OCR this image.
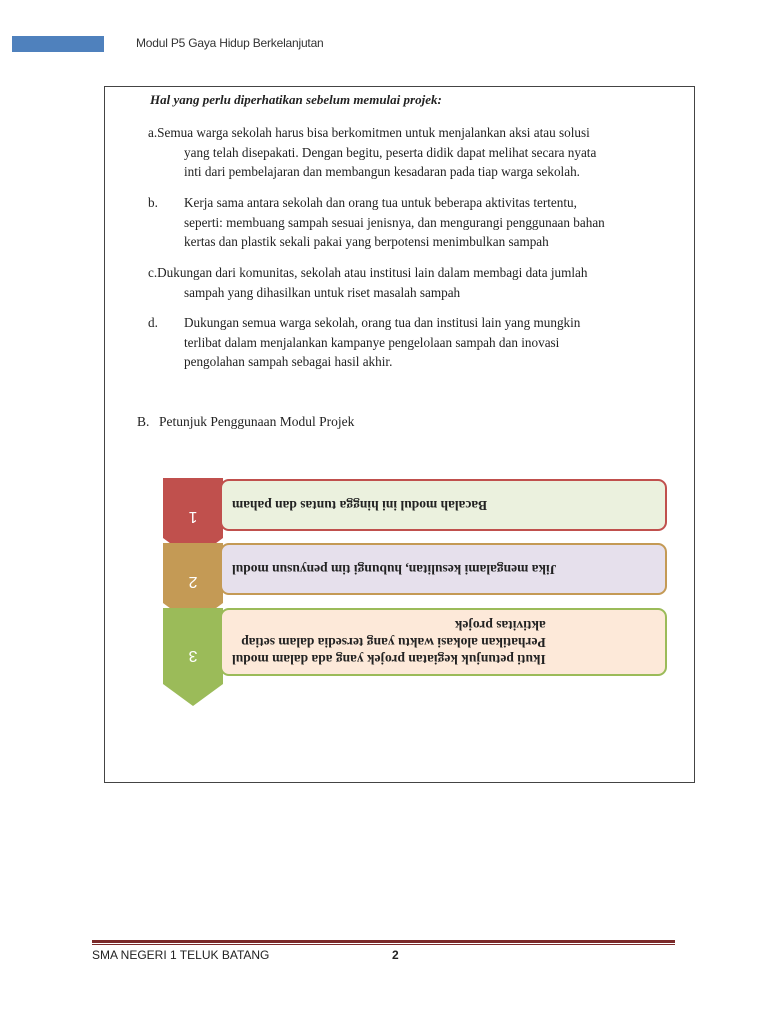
Modul P5 Gaya Hidup Berkelanjutan
Hal yang perlu diperhatikan sebelum memulai projek:
a.Semua warga sekolah harus bisa berkomitmen untuk menjalankan aksi atau solusi
yang telah disepakati. Dengan begitu, peserta didik dapat melihat secara nyata
inti dari pembelajaran dan membangun kesadaran pada tiap warga sekolah.
b. Kerja sama antara sekolah dan orang tua untuk beberapa aktivitas tertentu,
seperti: membuang sampah sesuai jenisnya, dan mengurangi penggunaan bahan
kertas dan plastik sekali pakai yang berpotensi menimbulkan sampah
c.Dukungan dari komunitas, sekolah atau institusi lain dalam membagi data jumlah
sampah yang dihasilkan untuk riset masalah sampah
d. Dukungan semua warga sekolah, orang tua dan institusi lain yang mungkin
terlibat dalam menjalankan kampanye pengelolaan sampah dan inovasi
pengolahan sampah sebagai hasil akhir.
B. Petunjuk Penggunaan Modul Projek
Bacalah modul ini hingga tuntas dan paham
Jika mengalami kesulitan, hubungi tim penyusun modul
Ikuti petunjuk kegiatan projek yang ada dalam modul
Perhatikan alokasi waktu yang tersedia dalam setiap
aktivitas projek
1
2
3
SMA NEGERI 1 TELUK BATANG	2
